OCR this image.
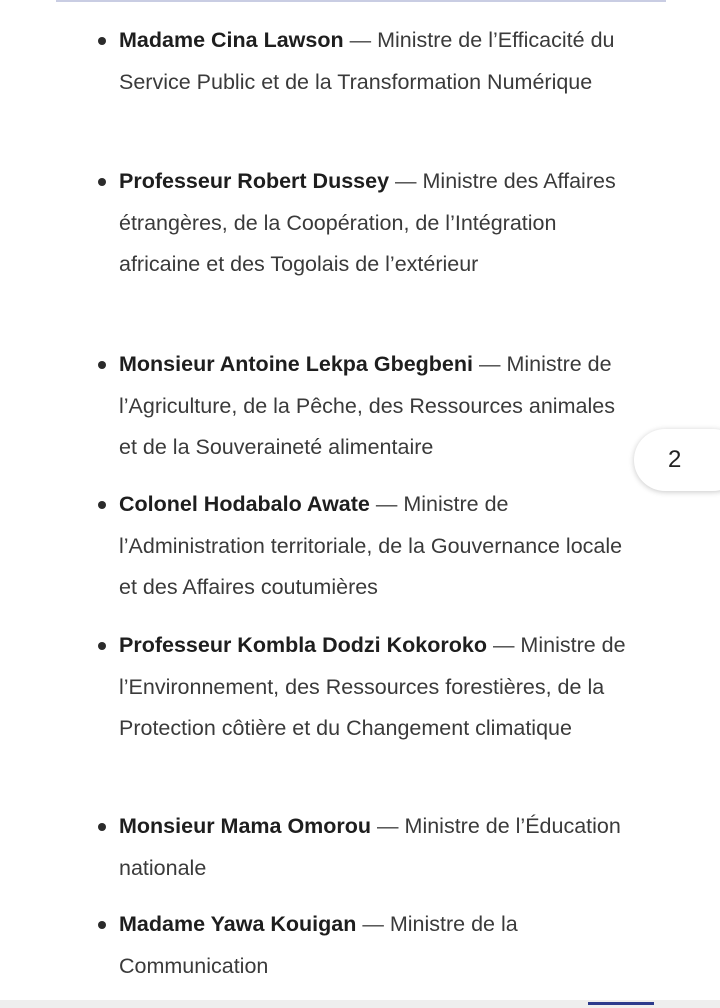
Madame Cina Lawson — Ministre de l’Efficacité du Service Public et de la Transformation Numérique
Professeur Robert Dussey — Ministre des Affaires étrangères, de la Coopération, de l’Intégration africaine et des Togolais de l’extérieur
Monsieur Antoine Lekpa Gbegbeni — Ministre de l’Agriculture, de la Pêche, des Ressources animales et de la Souveraineté alimentaire
Colonel Hodabalo Awate — Ministre de l’Administration territoriale, de la Gouvernance locale et des Affaires coutumières
Professeur Kombla Dodzi Kokoroko — Ministre de l’Environnement, des Ressources forestières, de la Protection côtière et du Changement climatique
Monsieur Mama Omorou — Ministre de l’Éducation nationale
Madame Yawa Kouigan — Ministre de la Communication
2
